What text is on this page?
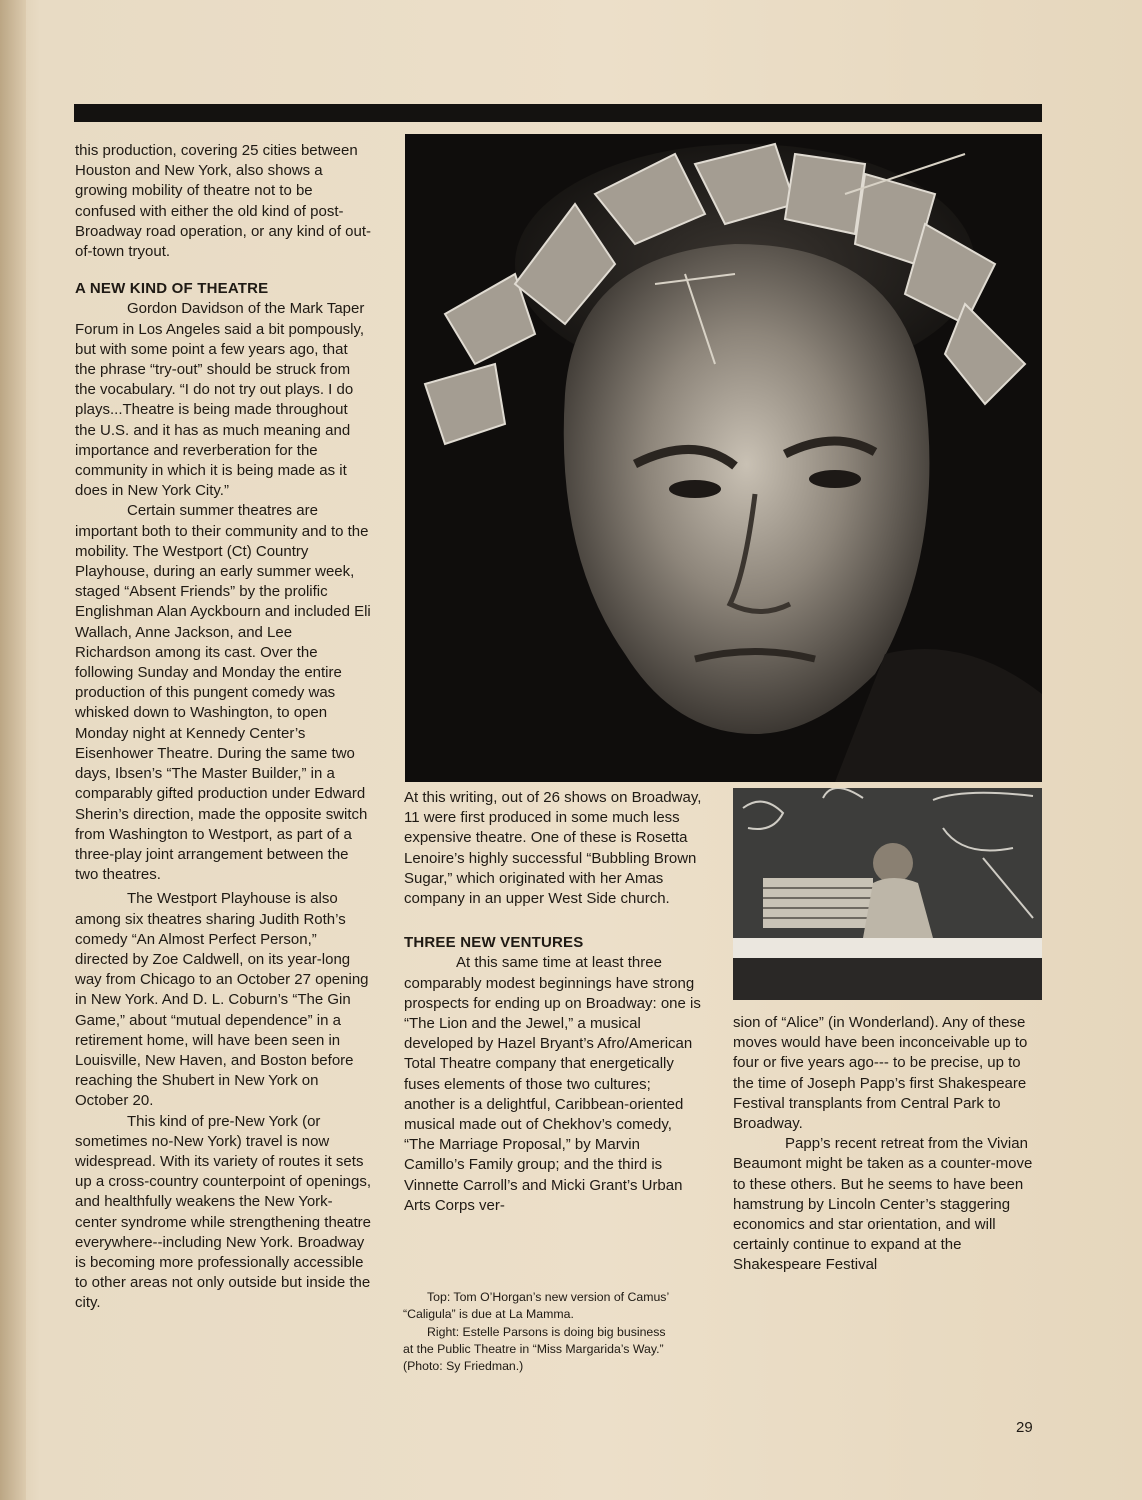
this production, covering 25 cities between Houston and New York, also shows a growing mobility of theatre not to be confused with either the old kind of post-Broadway road operation, or any kind of out-of-town tryout.

A NEW KIND OF THEATRE

Gordon Davidson of the Mark Taper Forum in Los Angeles said a bit pompously, but with some point a few years ago, that the phrase “try-out” should be struck from the vocabulary. “I do not try out plays. I do plays...Theatre is being made throughout the U.S. and it has as much meaning and importance and reverberation for the community in which it is being made as it does in New York City.”

Certain summer theatres are important both to their community and to the mobility. The Westport (Ct) Country Playhouse, during an early summer week, staged “Absent Friends” by the prolific Englishman Alan Ayckbourn and included Eli Wallach, Anne Jackson, and Lee Richardson among its cast. Over the following Sunday and Monday the entire production of this pungent comedy was whisked down to Washington, to open Monday night at Kennedy Center’s Eisenhower Theatre. During the same two days, Ibsen’s “The Master Builder,” in a comparably gifted production under Edward Sherin’s direction, made the opposite switch from Washington to Westport, as part of a three-play joint arrangement between the two theatres.

The Westport Playhouse is also among six theatres sharing Judith Roth’s comedy “An Almost Perfect Person,” directed by Zoe Caldwell, on its year-long way from Chicago to an October 27 opening in New York. And D. L. Coburn’s “The Gin Game,” about “mutual dependence” in a retirement home, will have been seen in Louisville, New Haven, and Boston before reaching the Shubert in New York on October 20.

This kind of pre-New York (or sometimes no-New York) travel is now widespread. With its variety of routes it sets up a cross-country counterpoint of openings, and healthfully weakens the New York-center syndrome while strengthening theatre everywhere--including New York. Broadway is becoming more professionally accessible to other areas not only outside but inside the city.

At this writing, out of 26 shows on Broadway, 11 were first produced in some much less expensive theatre. One of these is Rosetta Lenoire’s highly successful “Bubbling Brown Sugar,” which originated with her Amas company in an upper West Side church.

THREE NEW VENTURES

At this same time at least three comparably modest beginnings have strong prospects for ending up on Broadway: one is “The Lion and the Jewel,” a musical developed by Hazel Bryant’s Afro/American Total Theatre company that energetically fuses elements of those two cultures; another is a delightful, Caribbean-oriented musical made out of Chekhov’s comedy, “The Marriage Proposal,” by Marvin Camillo’s Family group; and the third is Vinnette Carroll’s and Micki Grant’s Urban Arts Corps ver-

sion of “Alice” (in Wonderland). Any of these moves would have been inconceivable up to four or five years ago--- to be precise, up to the time of Joseph Papp’s first Shakespeare Festival transplants from Central Park to Broadway.

Papp’s recent retreat from the Vivian Beaumont might be taken as a counter-move to these others. But he seems to have been hamstrung by Lincoln Center’s staggering economics and star orientation, and will certainly continue to expand at the Shakespeare Festival

Top: Tom O’Horgan’s new version of Camus’ “Caligula” is due at La Mamma.

Right: Estelle Parsons is doing big business at the Public Theatre in “Miss Margarida’s Way.” (Photo: Sy Friedman.)

29
